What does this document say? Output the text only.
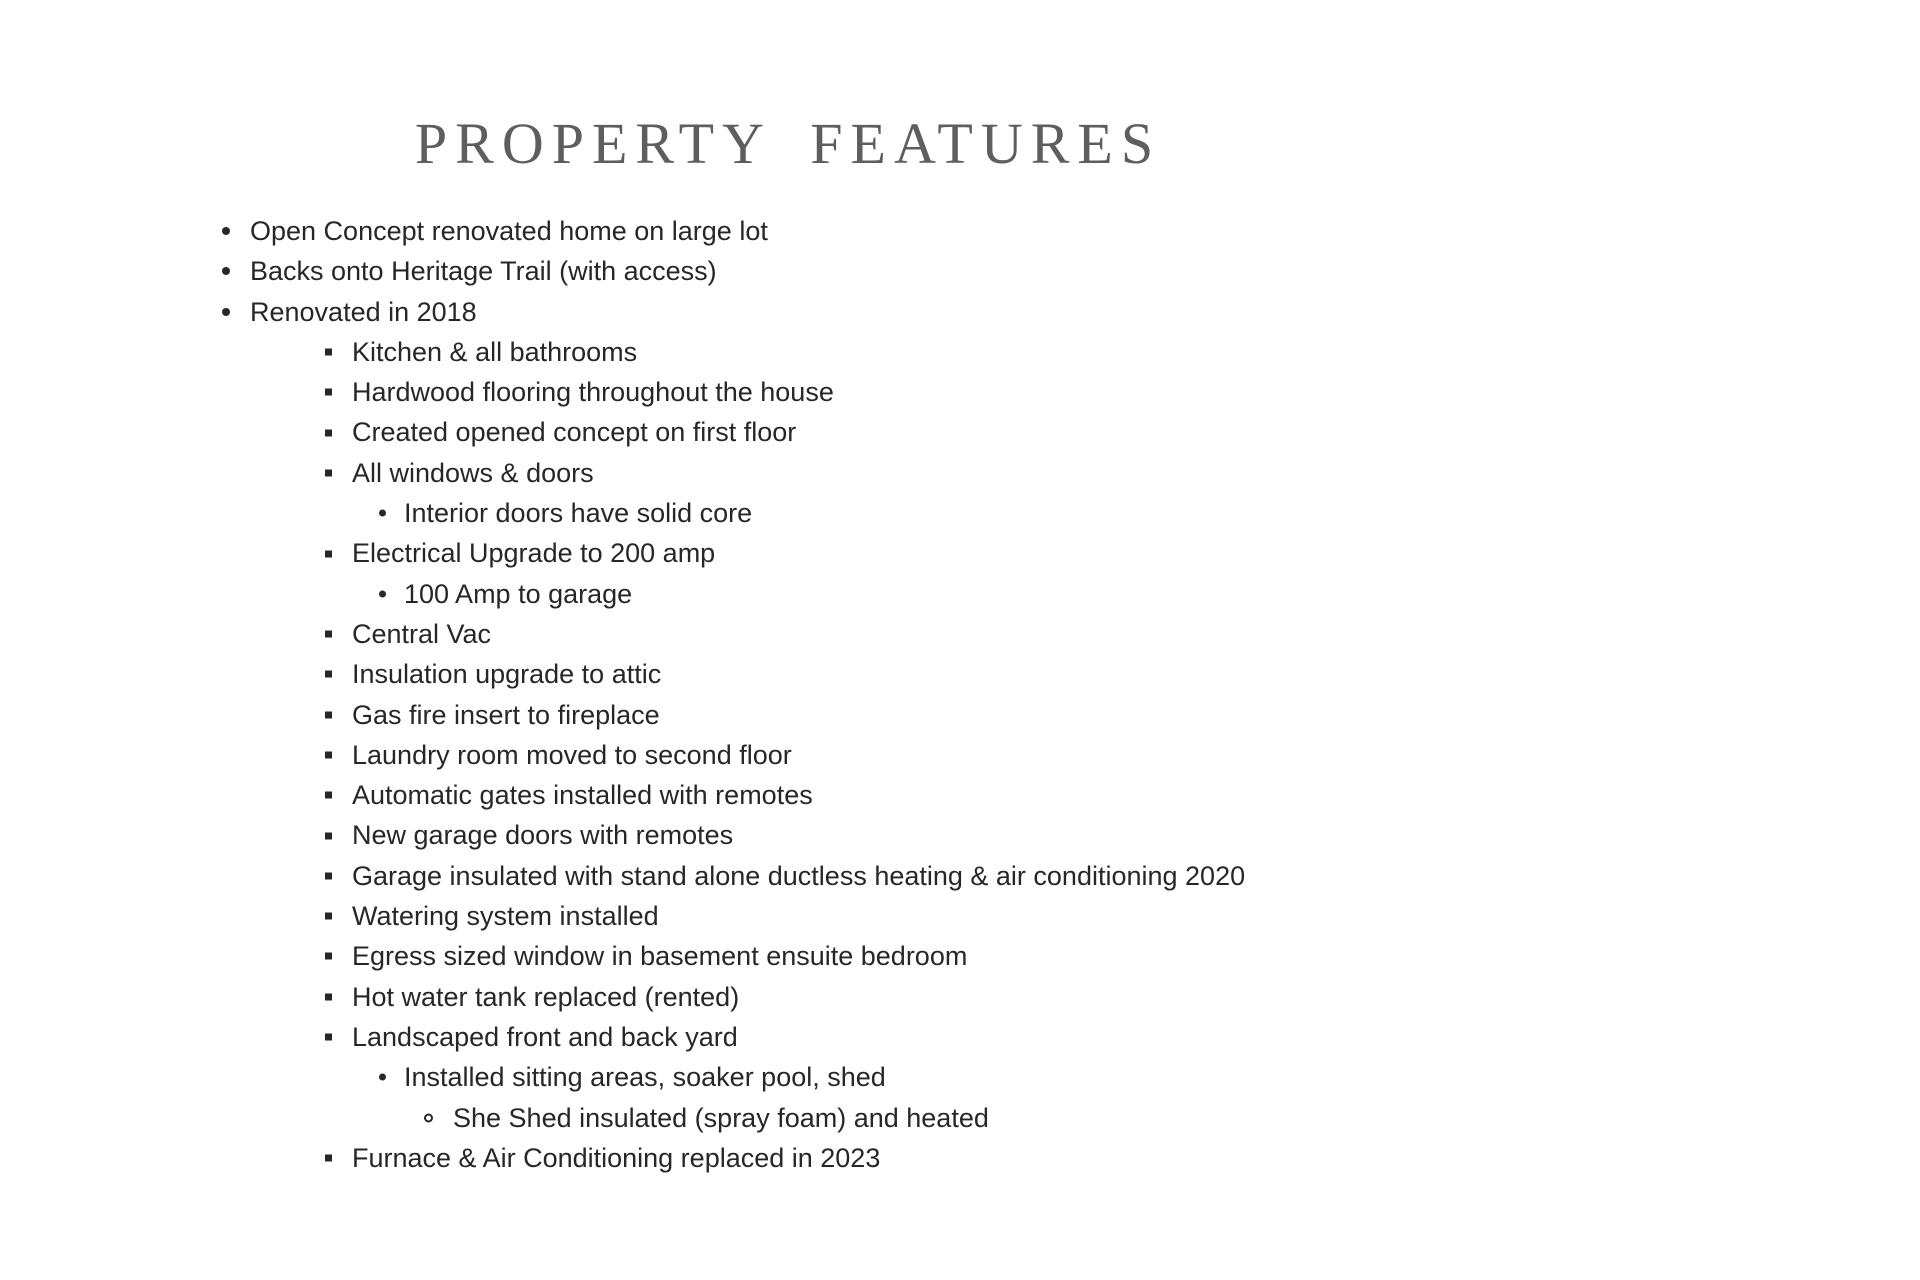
PROPERTY FEATURES
Open Concept renovated home on large lot
Backs onto Heritage Trail (with access)
Renovated in 2018
Kitchen & all bathrooms
Hardwood flooring throughout the house
Created opened concept on first floor
All windows & doors
Interior doors have solid core
Electrical Upgrade to 200 amp
100 Amp to garage
Central Vac
Insulation upgrade to attic
Gas fire insert to fireplace
Laundry room moved to second floor
Automatic gates installed with remotes
New garage doors with remotes
Garage insulated with stand alone ductless heating & air conditioning 2020
Watering system installed
Egress sized window in basement ensuite bedroom
Hot water tank replaced (rented)
Landscaped front and back yard
Installed sitting areas, soaker pool, shed
She Shed insulated (spray foam) and heated
Furnace & Air Conditioning replaced in 2023
